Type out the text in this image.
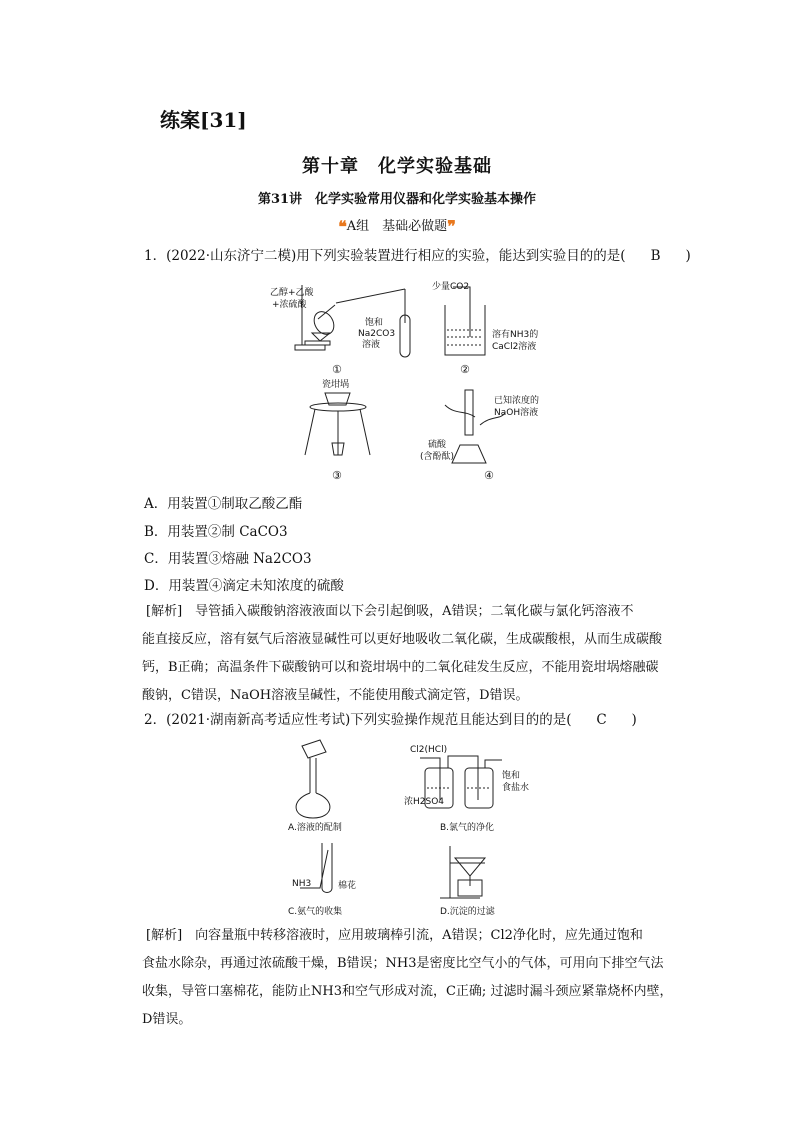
练案[31]
第十章　化学实验基础
第31讲　化学实验常用仪器和化学实验基本操作
❝A组　基础必做题❞
1．(2022·山东济宁二模)用下列实验装置进行相应的实验，能达到实验目的的是( B )
乙醇+乙酸
+浓硫酸
饱和
Na2CO3
溶液
①
少量CO2
溶有NH3的
CaCl2溶液
②
瓷坩埚
③
已知浓度的
NaOH溶液
硫酸
(含酚酞)
④
A．用装置①制取乙酸乙酯
B．用装置②制 CaCO3
C．用装置③熔融 Na2CO3
D．用装置④滴定未知浓度的硫酸
[解析]　导管插入碳酸钠溶液液面以下会引起倒吸，A错误；二氧化碳与氯化钙溶液不
能直接反应，溶有氨气后溶液显碱性可以更好地吸收二氧化碳，生成碳酸根，从而生成碳酸
钙，B正确；高温条件下碳酸钠可以和瓷坩埚中的二氧化硅发生反应，不能用瓷坩埚熔融碳
酸钠，C错误，NaOH溶液呈碱性，不能使用酸式滴定管，D错误。
2．(2021·湖南新高考适应性考试)下列实验操作规范且能达到目的的是( C )
A.溶液的配制	B.氯气的净化
C.氨气的收集	D.沉淀的过滤
Cl2(HCl)
浓H2SO4
饱和
食盐水
NH3	棉花
[解析]　向容量瓶中转移溶液时，应用玻璃棒引流，A错误；Cl2净化时，应先通过饱和
食盐水除杂，再通过浓硫酸干燥，B错误；NH3是密度比空气小的气体，可用向下排空气法
收集，导管口塞棉花，能防止NH3和空气形成对流，C正确; 过滤时漏斗颈应紧靠烧杯内壁，
D错误。
